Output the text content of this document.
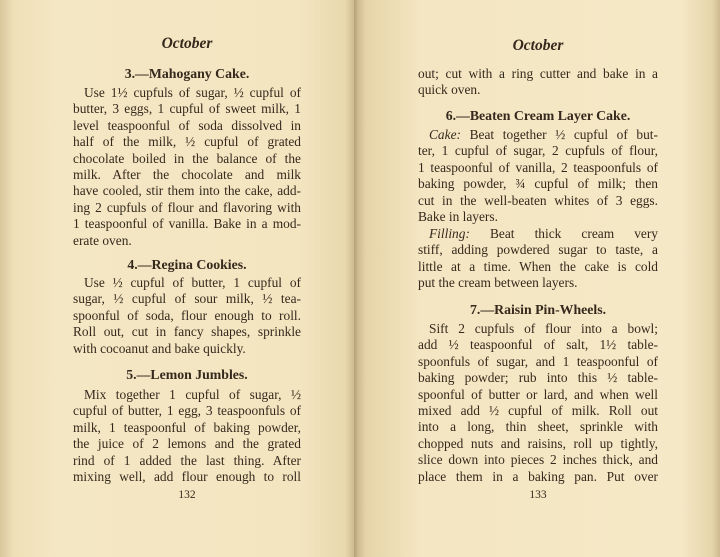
October
3.—Mahogany Cake.
Use 1½ cupfuls of sugar, ½ cupful of
butter, 3 eggs, 1 cupful of sweet milk, 1
level teaspoonful of soda dissolved in
half of the milk, ½ cupful of grated
chocolate boiled in the balance of the
milk. After the chocolate and milk
have cooled, stir them into the cake, add-
ing 2 cupfuls of flour and flavoring with
1 teaspoonful of vanilla. Bake in a mod-
erate oven.
4.—Regina Cookies.
Use ½ cupful of butter, 1 cupful of
sugar, ½ cupful of sour milk, ½ tea-
spoonful of soda, flour enough to roll.
Roll out, cut in fancy shapes, sprinkle
with cocoanut and bake quickly.
5.—Lemon Jumbles.
Mix together 1 cupful of sugar, ½
cupful of butter, 1 egg, 3 teaspoonfuls of
milk, 1 teaspoonful of baking powder,
the juice of 2 lemons and the grated
rind of 1 added the last thing. After
mixing well, add flour enough to roll
132
October
out; cut with a ring cutter and bake in a
quick oven.
6.—Beaten Cream Layer Cake.
Cake: Beat together ½ cupful of but-
ter, 1 cupful of sugar, 2 cupfuls of flour,
1 teaspoonful of vanilla, 2 teaspoonfuls of
baking powder, ¾ cupful of milk; then
cut in the well-beaten whites of 3 eggs.
Bake in layers.
Filling: Beat thick cream very
stiff, adding powdered sugar to taste, a
little at a time. When the cake is cold
put the cream between layers.
7.—Raisin Pin-Wheels.
Sift 2 cupfuls of flour into a bowl;
add ½ teaspoonful of salt, 1½ table-
spoonfuls of sugar, and 1 teaspoonful of
baking powder; rub into this ½ table-
spoonful of butter or lard, and when well
mixed add ½ cupful of milk. Roll out
into a long, thin sheet, sprinkle with
chopped nuts and raisins, roll up tightly,
slice down into pieces 2 inches thick, and
place them in a baking pan. Put over
133
